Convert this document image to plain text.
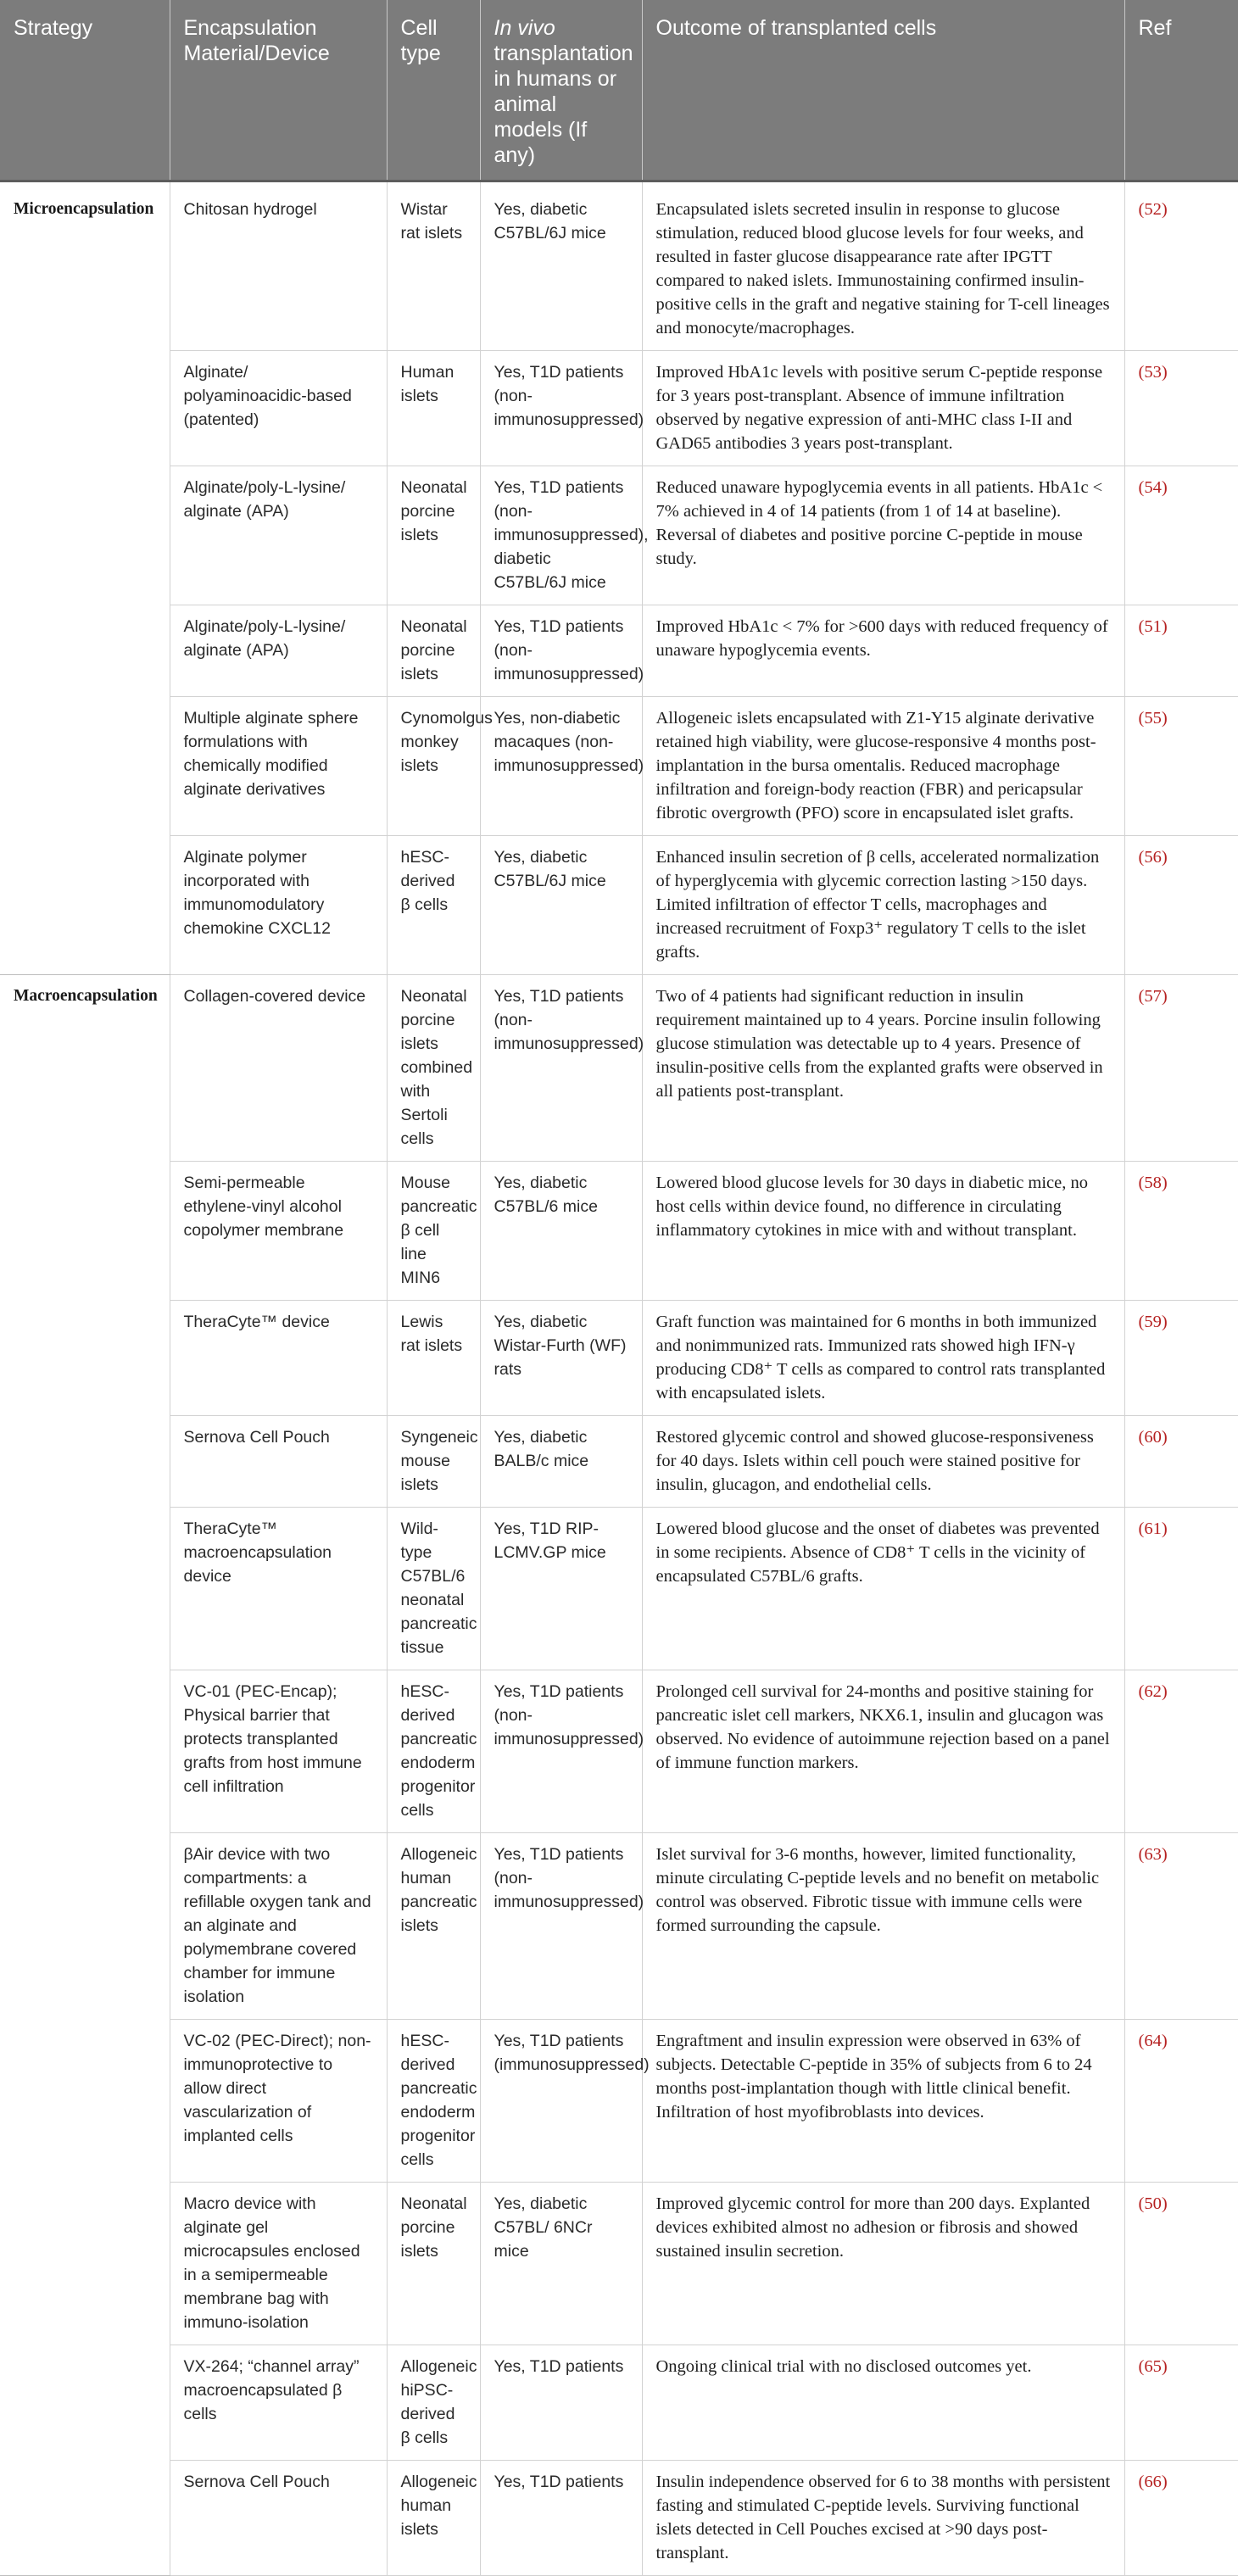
Strategy	Encapsulation Material/Device	Cell type	In vivo transplantation in humans or animal models (If any)	Outcome of transplanted cells	Ref
Microencapsulation	Chitosan hydrogel	Wistar rat islets	Yes, diabetic C57BL/6J mice	Encapsulated islets secreted insulin in response to glucose stimulation, reduced blood glucose levels for four weeks, and resulted in faster glucose disappearance rate after IPGTT compared to naked islets. Immunostaining confirmed insulin-positive cells in the graft and negative staining for T-cell lineages and monocyte/macrophages.	(52)
	Alginate/ polyaminoacidic-based (patented)	Human islets	Yes, T1D patients (non-immunosuppressed)	Improved HbA1c levels with positive serum C-peptide response for 3 years post-transplant. Absence of immune infiltration observed by negative expression of anti-MHC class I-II and GAD65 antibodies 3 years post-transplant.	(53)
	Alginate/poly-L-lysine/ alginate (APA)	Neonatal porcine islets	Yes, T1D patients (non-immunosuppressed), diabetic C57BL/6J mice	Reduced unaware hypoglycemia events in all patients. HbA1c < 7% achieved in 4 of 14 patients (from 1 of 14 at baseline). Reversal of diabetes and positive porcine C-peptide in mouse study.	(54)
	Alginate/poly-L-lysine/ alginate (APA)	Neonatal porcine islets	Yes, T1D patients (non-immunosuppressed)	Improved HbA1c < 7% for >600 days with reduced frequency of unaware hypoglycemia events.	(51)
	Multiple alginate sphere formulations with chemically modified alginate derivatives	Cynomolgus monkey islets	Yes, non-diabetic macaques (non-immunosuppressed)	Allogeneic islets encapsulated with Z1-Y15 alginate derivative retained high viability, were glucose-responsive 4 months post-implantation in the bursa omentalis. Reduced macrophage infiltration and foreign-body reaction (FBR) and pericapsular fibrotic overgrowth (PFO) score in encapsulated islet grafts.	(55)
	Alginate polymer incorporated with immunomodulatory chemokine CXCL12	hESC-derived β cells	Yes, diabetic C57BL/6J mice	Enhanced insulin secretion of β cells, accelerated normalization of hyperglycemia with glycemic correction lasting >150 days. Limited infiltration of effector T cells, macrophages and increased recruitment of Foxp3⁺ regulatory T cells to the islet grafts.	(56)
Macroencapsulation	Collagen-covered device	Neonatal porcine islets combined with Sertoli cells	Yes, T1D patients (non-immunosuppressed)	Two of 4 patients had significant reduction in insulin requirement maintained up to 4 years. Porcine insulin following glucose stimulation was detectable up to 4 years. Presence of insulin-positive cells from the explanted grafts were observed in all patients post-transplant.	(57)
	Semi-permeable ethylene-vinyl alcohol copolymer membrane	Mouse pancreatic β cell line MIN6	Yes, diabetic C57BL/6 mice	Lowered blood glucose levels for 30 days in diabetic mice, no host cells within device found, no difference in circulating inflammatory cytokines in mice with and without transplant.	(58)
	TheraCyte™ device	Lewis rat islets	Yes, diabetic Wistar-Furth (WF) rats	Graft function was maintained for 6 months in both immunized and nonimmunized rats. Immunized rats showed high IFN-γ producing CD8⁺ T cells as compared to control rats transplanted with encapsulated islets.	(59)
	Sernova Cell Pouch	Syngeneic mouse islets	Yes, diabetic BALB/c mice	Restored glycemic control and showed glucose-responsiveness for 40 days. Islets within cell pouch were stained positive for insulin, glucagon, and endothelial cells.	(60)
	TheraCyte™ macroencapsulation device	Wild-type C57BL/6 neonatal pancreatic tissue	Yes, T1D RIP-LCMV.GP mice	Lowered blood glucose and the onset of diabetes was prevented in some recipients. Absence of CD8⁺ T cells in the vicinity of encapsulated C57BL/6 grafts.	(61)
	VC-01 (PEC-Encap); Physical barrier that protects transplanted grafts from host immune cell infiltration	hESC-derived pancreatic endoderm progenitor cells	Yes, T1D patients (non-immunosuppressed)	Prolonged cell survival for 24-months and positive staining for pancreatic islet cell markers, NKX6.1, insulin and glucagon was observed. No evidence of autoimmune rejection based on a panel of immune function markers.	(62)
	βAir device with two compartments: a refillable oxygen tank and an alginate and polymembrane covered chamber for immune isolation	Allogeneic human pancreatic islets	Yes, T1D patients (non-immunosuppressed)	Islet survival for 3-6 months, however, limited functionality, minute circulating C-peptide levels and no benefit on metabolic control was observed. Fibrotic tissue with immune cells were formed surrounding the capsule.	(63)
	VC-02 (PEC-Direct); non-immunoprotective to allow direct vascularization of implanted cells	hESC-derived pancreatic endoderm progenitor cells	Yes, T1D patients (immunosuppressed)	Engraftment and insulin expression were observed in 63% of subjects. Detectable C-peptide in 35% of subjects from 6 to 24 months post-implantation though with little clinical benefit. Infiltration of host myofibroblasts into devices.	(64)
	Macro device with alginate gel microcapsules enclosed in a semipermeable membrane bag with immuno-isolation	Neonatal porcine islets	Yes, diabetic C57BL/ 6NCr mice	Improved glycemic control for more than 200 days. Explanted devices exhibited almost no adhesion or fibrosis and showed sustained insulin secretion.	(50)
	VX-264; “channel array” macroencapsulated β cells	Allogeneic hiPSC-derived β cells	Yes, T1D patients	Ongoing clinical trial with no disclosed outcomes yet.	(65)
	Sernova Cell Pouch	Allogeneic human islets	Yes, T1D patients	Insulin independence observed for 6 to 38 months with persistent fasting and stimulated C-peptide levels. Surviving functional islets detected in Cell Pouches excised at >90 days post-transplant.	(66)
